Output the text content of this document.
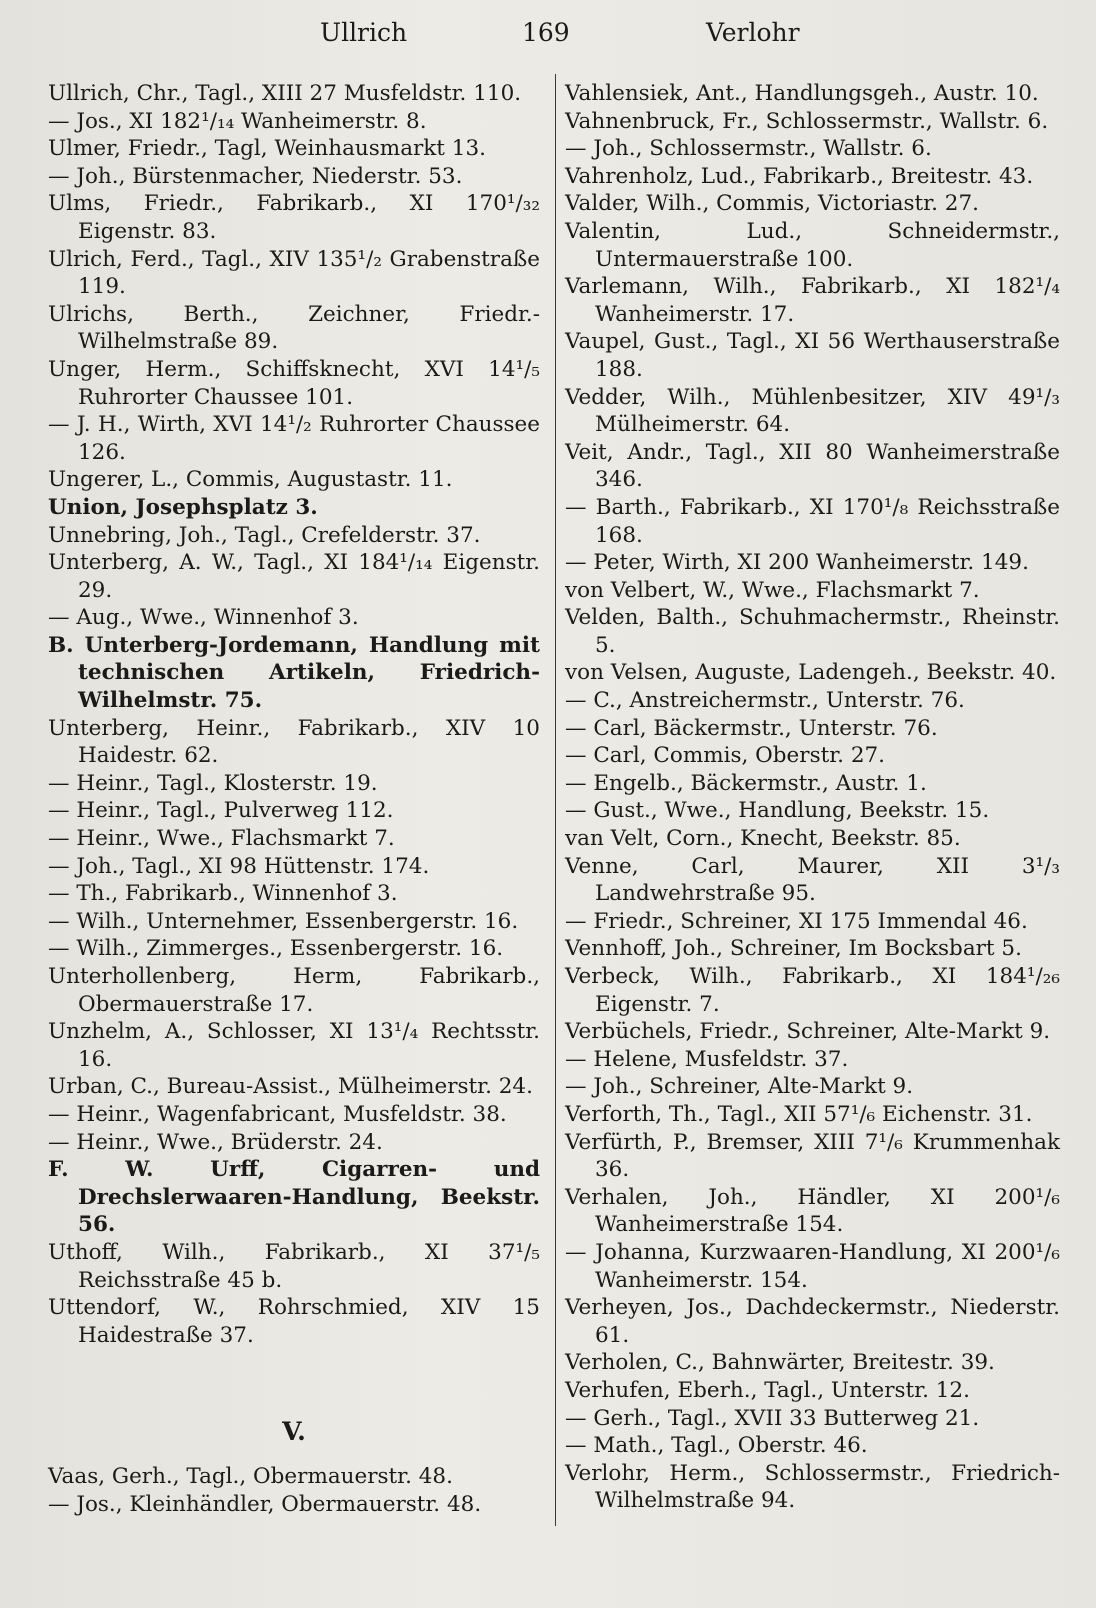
Ullrich	169	Verlohr

Ullrich, Chr., Tagl., XIII 27 Musfeldstr. 110.

— Jos., XI 182¹/₁₄ Wanheimerstr. 8.

Ulmer, Friedr., Tagl, Weinhausmarkt 13.

— Joh., Bürstenmacher, Niederstr. 53.

Ulms, Friedr., Fabrikarb., XI 170¹/₃₂ Eigenstr. 83.

Ulrich, Ferd., Tagl., XIV 135¹/₂ Grabenstraße 119.

Ulrichs, Berth., Zeichner, Friedr.-Wilhelmstraße 89.

Unger, Herm., Schiffsknecht, XVI 14¹/₅ Ruhrorter Chaussee 101.

— J. H., Wirth, XVI 14¹/₂ Ruhrorter Chaussee 126.

Ungerer, L., Commis, Augustastr. 11.

Union, Josephsplatz 3.

Unnebring, Joh., Tagl., Crefelderstr. 37.

Unterberg, A. W., Tagl., XI 184¹/₁₄ Eigenstr. 29.

— Aug., Wwe., Winnenhof 3.

B. Unterberg-Jordemann, Handlung mit technischen Artikeln, Friedrich-Wilhelmstr. 75.

Unterberg, Heinr., Fabrikarb., XIV 10 Haidestr. 62.

— Heinr., Tagl., Klosterstr. 19.

— Heinr., Tagl., Pulverweg 112.

— Heinr., Wwe., Flachsmarkt 7.

— Joh., Tagl., XI 98 Hüttenstr. 174.

— Th., Fabrikarb., Winnenhof 3.

— Wilh., Unternehmer, Essenbergerstr. 16.

— Wilh., Zimmerges., Essenbergerstr. 16.

Unterhollenberg, Herm, Fabrikarb., Obermauerstraße 17.

Unzhelm, A., Schlosser, XI 13¹/₄ Rechtsstr. 16.

Urban, C., Bureau-Assist., Mülheimerstr. 24.

— Heinr., Wagenfabricant, Musfeldstr. 38.

— Heinr., Wwe., Brüderstr. 24.

F. W. Urff, Cigarren- und Drechslerwaaren-Handlung, Beekstr. 56.

Uthoff, Wilh., Fabrikarb., XI 37¹/₅ Reichsstraße 45 b.

Uttendorf, W., Rohrschmied, XIV 15 Haidestraße 37.

V.

Vaas, Gerh., Tagl., Obermauerstr. 48.

— Jos., Kleinhändler, Obermauerstr. 48.

Vahlensiek, Ant., Handlungsgeh., Austr. 10.

Vahnenbruck, Fr., Schlossermstr., Wallstr. 6.

— Joh., Schlossermstr., Wallstr. 6.

Vahrenholz, Lud., Fabrikarb., Breitestr. 43.

Valder, Wilh., Commis, Victoriastr. 27.

Valentin, Lud., Schneidermstr., Untermauerstraße 100.

Varlemann, Wilh., Fabrikarb., XI 182¹/₄ Wanheimerstr. 17.

Vaupel, Gust., Tagl., XI 56 Werthauserstraße 188.

Vedder, Wilh., Mühlenbesitzer, XIV 49¹/₃ Mülheimerstr. 64.

Veit, Andr., Tagl., XII 80 Wanheimerstraße 346.

— Barth., Fabrikarb., XI 170¹/₈ Reichsstraße 168.

— Peter, Wirth, XI 200 Wanheimerstr. 149.

von Velbert, W., Wwe., Flachsmarkt 7.

Velden, Balth., Schuhmachermstr., Rheinstr. 5.

von Velsen, Auguste, Ladengeh., Beekstr. 40.

— C., Anstreichermstr., Unterstr. 76.

— Carl, Bäckermstr., Unterstr. 76.

— Carl, Commis, Oberstr. 27.

— Engelb., Bäckermstr., Austr. 1.

— Gust., Wwe., Handlung, Beekstr. 15.

van Velt, Corn., Knecht, Beekstr. 85.

Venne, Carl, Maurer, XII 3¹/₃ Landwehrstraße 95.

— Friedr., Schreiner, XI 175 Immendal 46.

Vennhoff, Joh., Schreiner, Im Bocksbart 5.

Verbeck, Wilh., Fabrikarb., XI 184¹/₂₆ Eigenstr. 7.

Verbüchels, Friedr., Schreiner, Alte-Markt 9.

— Helene, Musfeldstr. 37.

— Joh., Schreiner, Alte-Markt 9.

Verforth, Th., Tagl., XII 57¹/₆ Eichenstr. 31.

Verfürth, P., Bremser, XIII 7¹/₆ Krummenhak 36.

Verhalen, Joh., Händler, XI 200¹/₆ Wanheimerstraße 154.

— Johanna, Kurzwaaren-Handlung, XI 200¹/₆ Wanheimerstr. 154.

Verheyen, Jos., Dachdeckermstr., Niederstr. 61.

Verholen, C., Bahnwärter, Breitestr. 39.

Verhufen, Eberh., Tagl., Unterstr. 12.

— Gerh., Tagl., XVII 33 Butterweg 21.

— Math., Tagl., Oberstr. 46.

Verlohr, Herm., Schlossermstr., Friedrich-Wilhelmstraße 94.
